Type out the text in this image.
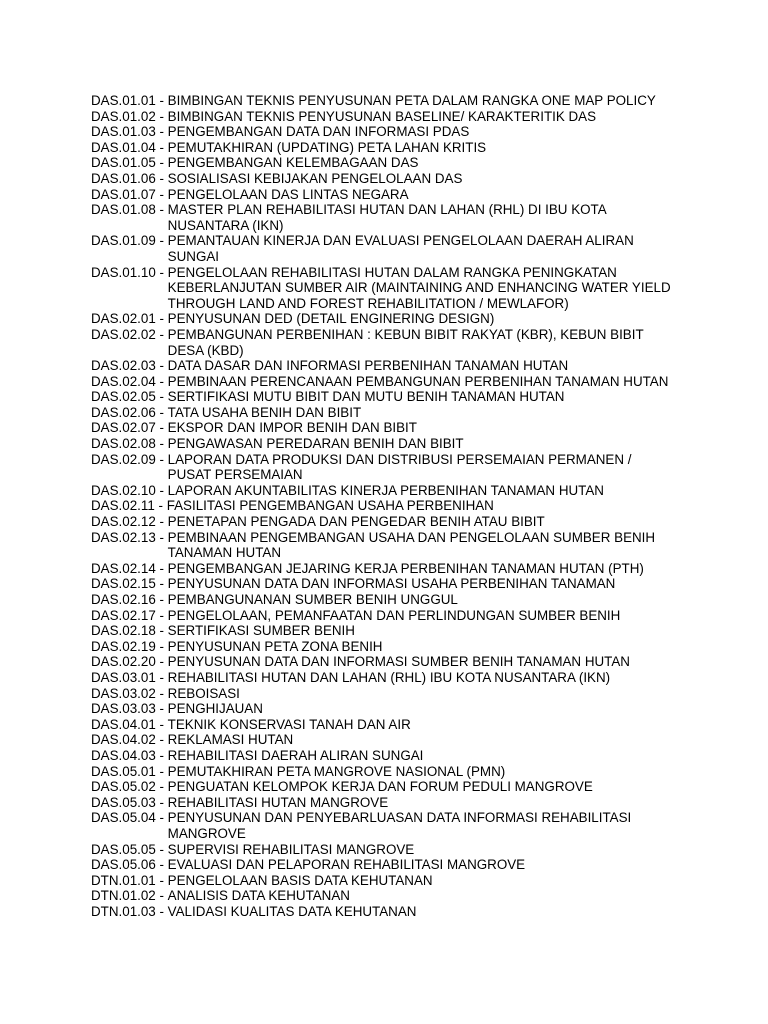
DAS.01.01 - BIMBINGAN TEKNIS PENYUSUNAN PETA DALAM RANGKA ONE MAP POLICY
DAS.01.02 - BIMBINGAN TEKNIS PENYUSUNAN BASELINE/ KARAKTERITIK DAS
DAS.01.03 - PENGEMBANGAN DATA DAN INFORMASI PDAS
DAS.01.04 - PEMUTAKHIRAN (UPDATING) PETA LAHAN KRITIS
DAS.01.05 - PENGEMBANGAN KELEMBAGAAN DAS
DAS.01.06 - SOSIALISASI KEBIJAKAN PENGELOLAAN DAS
DAS.01.07 - PENGELOLAAN DAS LINTAS NEGARA
DAS.01.08 - MASTER PLAN REHABILITASI HUTAN DAN LAHAN (RHL) DI IBU KOTA
NUSANTARA (IKN)
DAS.01.09 - PEMANTAUAN KINERJA DAN EVALUASI PENGELOLAAN DAERAH ALIRAN
SUNGAI
DAS.01.10 - PENGELOLAAN REHABILITASI HUTAN DALAM RANGKA PENINGKATAN
KEBERLANJUTAN SUMBER AIR (MAINTAINING AND ENHANCING WATER YIELD
THROUGH LAND AND FOREST REHABILITATION / MEWLAFOR)
DAS.02.01 - PENYUSUNAN DED (DETAIL ENGINERING DESIGN)
DAS.02.02 - PEMBANGUNAN PERBENIHAN : KEBUN BIBIT RAKYAT (KBR), KEBUN BIBIT
DESA (KBD)
DAS.02.03 - DATA DASAR DAN INFORMASI PERBENIHAN TANAMAN HUTAN
DAS.02.04 - PEMBINAAN PERENCANAAN PEMBANGUNAN PERBENIHAN TANAMAN HUTAN
DAS.02.05 - SERTIFIKASI MUTU BIBIT DAN MUTU BENIH TANAMAN HUTAN
DAS.02.06 - TATA USAHA BENIH DAN BIBIT
DAS.02.07 - EKSPOR DAN IMPOR BENIH DAN BIBIT
DAS.02.08 - PENGAWASAN PEREDARAN BENIH DAN BIBIT
DAS.02.09 - LAPORAN DATA PRODUKSI DAN DISTRIBUSI PERSEMAIAN PERMANEN /
PUSAT PERSEMAIAN
DAS.02.10 - LAPORAN AKUNTABILITAS KINERJA PERBENIHAN TANAMAN HUTAN
DAS.02.11 - FASILITASI PENGEMBANGAN USAHA PERBENIHAN
DAS.02.12 - PENETAPAN PENGADA DAN PENGEDAR BENIH ATAU BIBIT
DAS.02.13 - PEMBINAAN PENGEMBANGAN USAHA DAN PENGELOLAAN SUMBER BENIH
TANAMAN HUTAN
DAS.02.14 - PENGEMBANGAN JEJARING KERJA PERBENIHAN TANAMAN HUTAN (PTH)
DAS.02.15 - PENYUSUNAN DATA DAN INFORMASI USAHA PERBENIHAN TANAMAN
DAS.02.16 - PEMBANGUNANAN SUMBER BENIH UNGGUL
DAS.02.17 - PENGELOLAAN, PEMANFAATAN DAN PERLINDUNGAN SUMBER BENIH
DAS.02.18 - SERTIFIKASI SUMBER BENIH
DAS.02.19 - PENYUSUNAN PETA ZONA BENIH
DAS.02.20 - PENYUSUNAN DATA DAN INFORMASI SUMBER BENIH TANAMAN HUTAN
DAS.03.01 - REHABILITASI HUTAN DAN LAHAN (RHL) IBU KOTA NUSANTARA (IKN)
DAS.03.02 - REBOISASI
DAS.03.03 - PENGHIJAUAN
DAS.04.01 - TEKNIK KONSERVASI TANAH DAN AIR
DAS.04.02 - REKLAMASI HUTAN
DAS.04.03 - REHABILITASI DAERAH ALIRAN SUNGAI
DAS.05.01 - PEMUTAKHIRAN PETA MANGROVE NASIONAL (PMN)
DAS.05.02 - PENGUATAN KELOMPOK KERJA DAN FORUM PEDULI MANGROVE
DAS.05.03 - REHABILITASI HUTAN MANGROVE
DAS.05.04 - PENYUSUNAN DAN PENYEBARLUASAN DATA INFORMASI REHABILITASI
MANGROVE
DAS.05.05 - SUPERVISI REHABILITASI MANGROVE
DAS.05.06 - EVALUASI DAN PELAPORAN REHABILITASI MANGROVE
DTN.01.01 - PENGELOLAAN BASIS DATA KEHUTANAN
DTN.01.02 - ANALISIS DATA KEHUTANAN
DTN.01.03 - VALIDASI KUALITAS DATA KEHUTANAN
